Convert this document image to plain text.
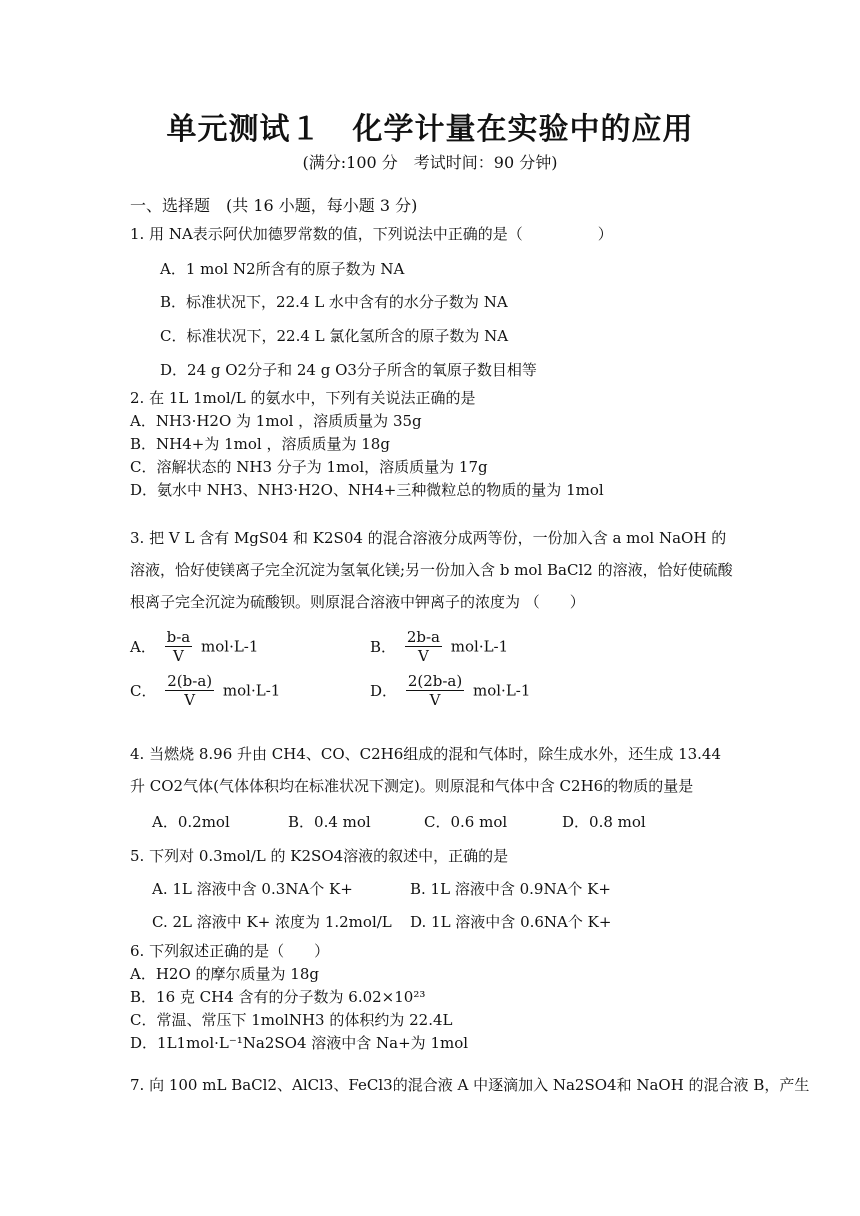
单元测试１　化学计量在实验中的应用
(满分:100 分　考试时间：90 分钟)
一、选择题　(共 16 小题，每小题 3 分)
1. 用 NA表示阿伏加德罗常数的值，下列说法中正确的是（　　　　　）
A．1 mol N2所含有的原子数为 NA
B．标准状况下，22.4 L 水中含有的水分子数为 NA
C．标准状况下，22.4 L 氯化氢所含的原子数为 NA
D．24 g O2分子和 24 g O3分子所含的氧原子数目相等
2. 在 1L 1mol/L 的氨水中，下列有关说法正确的是
A．NH3·H2O 为 1mol ，溶质质量为 35g
B．NH4+为 1mol ，溶质质量为 18g
C．溶解状态的 NH3 分子为 1mol，溶质质量为 17g
D．氨水中 NH3、NH3·H2O、NH4+三种微粒总的物质的量为 1mol
3. 把 V L 含有 MgS04 和 K2S04 的混合溶液分成两等份，一份加入含 a mol NaOH 的溶液，恰好使镁离子完全沉淀为氢氧化镁;另一份加入含 b mol BaCl2 的溶液，恰好使硫酸根离子完全沉淀为硫酸钡。则原混合溶液中钾离子的浓度为 （　　）
A． $\frac{b-a}{V} mol\cdot L-1$	B． $\frac{2b-a}{V} mol\cdot L-1$
C． $\frac{2(b-a)}{V} mol\cdot L-1$	D． $\frac{2(2b-a)}{V} mol\cdot L-1$
4. 当燃烧 8.96 升由 CH4、CO、C2H6组成的混和气体时，除生成水外，还生成 13.44 升 CO2气体(气体体积均在标准状况下测定)。则原混和气体中含 C2H6的物质的量是
A．0.2mol	B．0.4 mol	C．0.6 mol	D．0.8 mol
5. 下列对 0.3mol/L 的 K2SO4溶液的叙述中，正确的是
A. 1L 溶液中含 0.3NA个 K+	B. 1L 溶液中含 0.9NA个 K+
C. 2L 溶液中 K+ 浓度为 1.2mol/L D. 1L 溶液中含 0.6NA个 K+
6. 下列叙述正确的是（　　）
A．H2O 的摩尔质量为 18g
B．16 克 CH4 含有的分子数为 6.02×10²³
C．常温、常压下 1molNH3 的体积约为 22.4L
D．1L1mol·L⁻¹Na2SO4 溶液中含 Na+为 1mol
7. 向 100 mL BaCl2、AlCl3、FeCl3的混合液 A 中逐滴加入 Na2SO4和 NaOH 的混合液 B，产生
